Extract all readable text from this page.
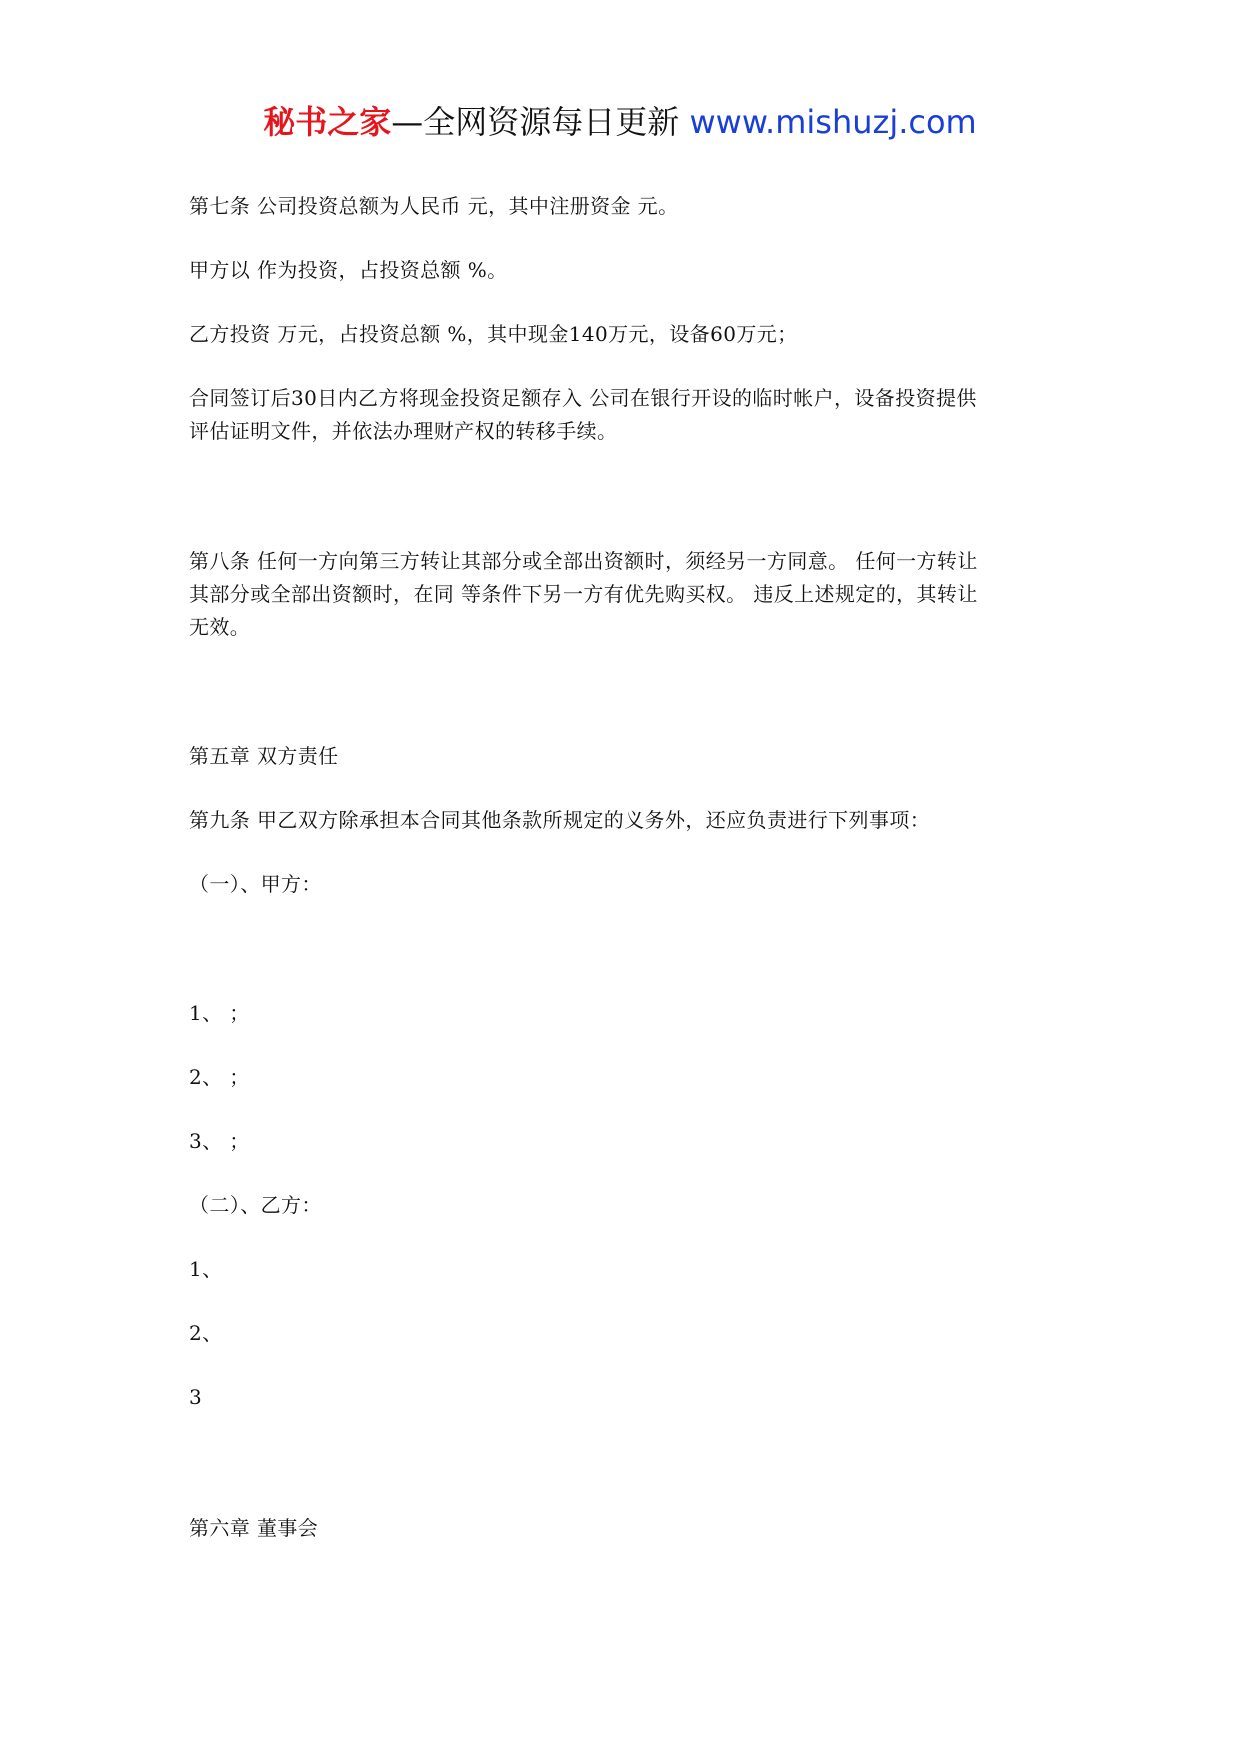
秘书之家—全网资源每日更新 www.mishuzj.com

第七条 公司投资总额为人民币 元，其中注册资金 元。

甲方以 作为投资，占投资总额 %。

乙方投资 万元，占投资总额 %，其中现金140万元，设备60万元；

合同签订后30日内乙方将现金投资足额存入 公司在银行开设的临时帐户，设备投资提供
评估证明文件，并依法办理财产权的转移手续。

第八条 任何一方向第三方转让其部分或全部出资额时，须经另一方同意。 任何一方转让
其部分或全部出资额时，在同 等条件下另一方有优先购买权。 违反上述规定的，其转让
无效。

第五章 双方责任

第九条 甲乙双方除承担本合同其他条款所规定的义务外，还应负责进行下列事项：

（一）、甲方：

1、 ；

2、 ；

3、 ；

（二）、乙方：

1、

2、

3

第六章 董事会
